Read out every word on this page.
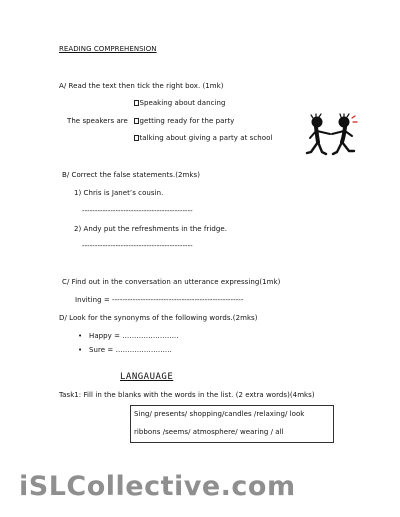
READING COMPREHENSION
A/ Read the text then tick the right box. (1mk)
Speaking about dancing
The speakers are	getting ready for the party
talking about giving a party at school
B/ Correct the false statements.(2mks)
1) Chris is Janet’s cousin.
-------------------------------------------
2) Andy put the refreshments in the fridge.
-------------------------------------------
C/ Find out in the conversation an utterance expressing(1mk)
Inviting = ---------------------------------------------------
D/ Look for the synonyms of the following words.(2mks)
• Happy = ……………………
• Sure = ……………………
LANGAUAGE
Task1: Fill in the blanks with the words in the list. (2 extra words)(4mks)
Sing/ presents/ shopping/candles /relaxing/ look
ribbons /seems/ atmosphere/ wearing / all
iSLCollective.com
